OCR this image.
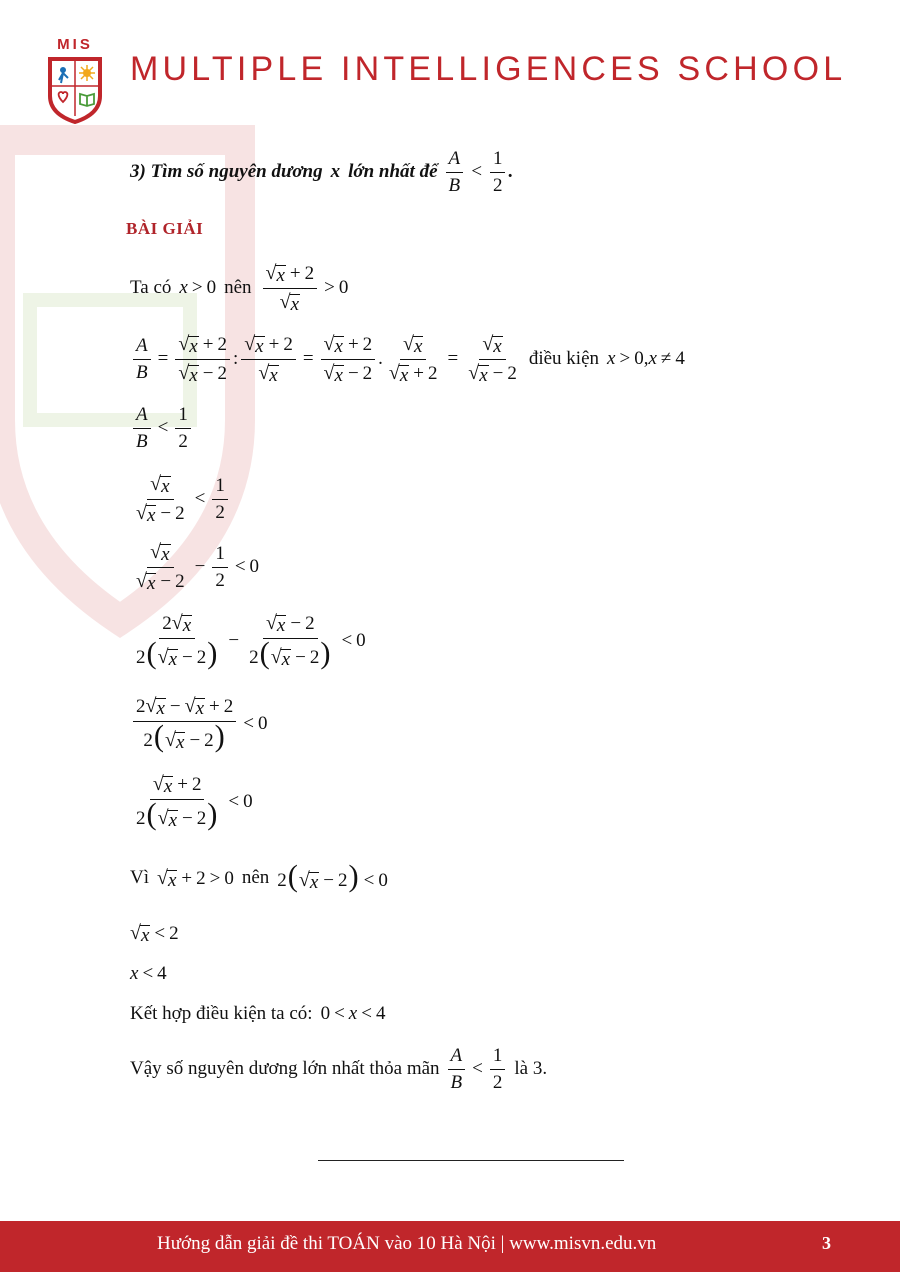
MIS
MULTIPLE INTELLIGENCES SCHOOL
3) Tìm số nguyên dương x lớn nhất để $\frac{A}{B} < \frac{1}{2}$ .
BÀI GIẢI
Ta có x > 0 nên $\frac{√ x + 2}{√ x} > 0$
$\frac{A}{B} = \frac{√ x + 2}{√ x - 2}$ : $\frac{√ x + 2}{√ x} = \frac{√ x + 2}{√ x - 2}$ . $\frac{√ x}{√ x + 2} = \frac{√ x}{√ x - 2}$ điều kiện x > 0,x ≠ 4
$\frac{A}{B} < \frac{1}{2}$
$\frac{√ x}{√ x - 2} < \frac{1}{2}$
$\frac{√ x}{√ x - 2} - \frac{1}{2} < 0$
$\frac{2 √ x}{2( √ x - 2)} - \frac{√ x - 2}{2( √ x - 2)} < 0$
$\frac{2 √ x - √ x + 2}{2( √ x - 2)} < 0$
$\frac{√ x + 2}{2( √ x - 2)} < 0$
Vì √ x + 2 > 0 nên 2( √ x − 2) < 0
√ x < 2
x < 4
Kết hợp điều kiện ta có: 0 < x < 4
Vậy số nguyên dương lớn nhất thỏa mãn $\frac{A}{B} < \frac{1}{2}$ là 3.
Hướng dẫn giải đề thi TOÁN vào 10 Hà Nội | www.misvn.edu.vn	3
